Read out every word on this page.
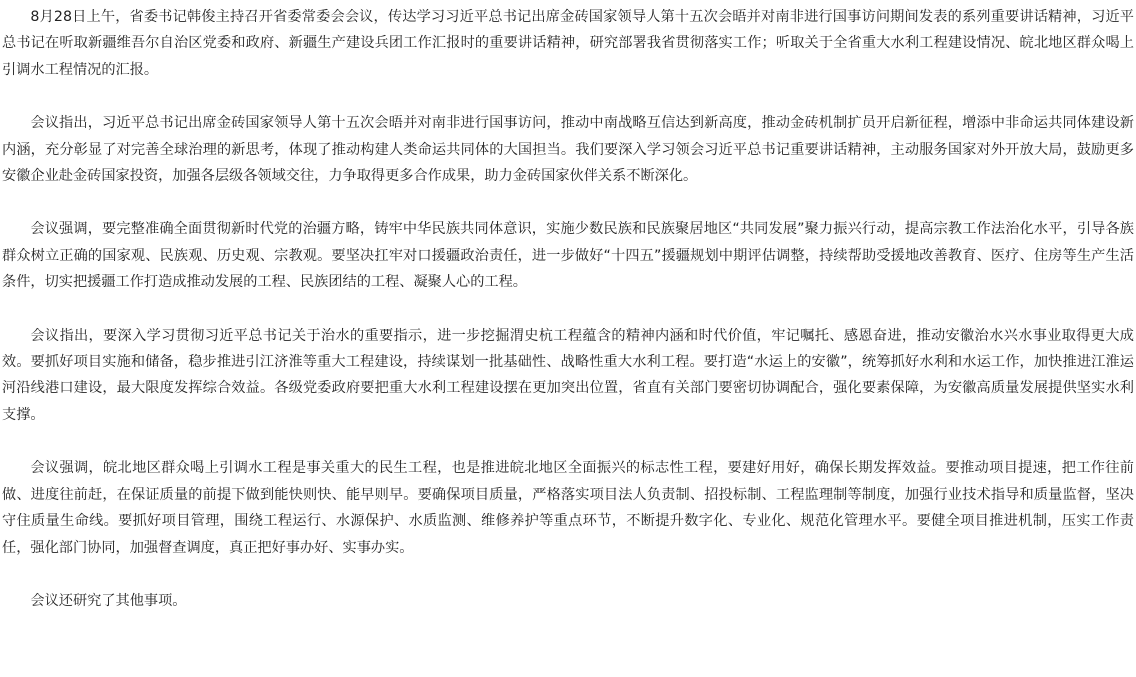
8月28日上午，省委书记韩俊主持召开省委常委会会议，传达学习习近平总书记出席金砖国家领导人第十五次会晤并对南非进行国事访问期间发表的系列重要讲话精神，习近平总书记在听取新疆维吾尔自治区党委和政府、新疆生产建设兵团工作汇报时的重要讲话精神，研究部署我省贯彻落实工作；听取关于全省重大水利工程建设情况、皖北地区群众喝上引调水工程情况的汇报。

会议指出，习近平总书记出席金砖国家领导人第十五次会晤并对南非进行国事访问，推动中南战略互信达到新高度，推动金砖机制扩员开启新征程，增添中非命运共同体建设新内涵，充分彰显了对完善全球治理的新思考，体现了推动构建人类命运共同体的大国担当。我们要深入学习领会习近平总书记重要讲话精神，主动服务国家对外开放大局，鼓励更多安徽企业赴金砖国家投资，加强各层级各领域交往，力争取得更多合作成果，助力金砖国家伙伴关系不断深化。

会议强调，要完整准确全面贯彻新时代党的治疆方略，铸牢中华民族共同体意识，实施少数民族和民族聚居地区“共同发展”聚力振兴行动，提高宗教工作法治化水平，引导各族群众树立正确的国家观、民族观、历史观、宗教观。要坚决扛牢对口援疆政治责任，进一步做好“十四五”援疆规划中期评估调整，持续帮助受援地改善教育、医疗、住房等生产生活条件，切实把援疆工作打造成推动发展的工程、民族团结的工程、凝聚人心的工程。

会议指出，要深入学习贯彻习近平总书记关于治水的重要指示，进一步挖掘渭史杭工程蕴含的精神内涵和时代价值，牢记嘱托、感恩奋进，推动安徽治水兴水事业取得更大成效。要抓好项目实施和储备，稳步推进引江济淮等重大工程建设，持续谋划一批基础性、战略性重大水利工程。要打造“水运上的安徽”，统筹抓好水利和水运工作，加快推进江淮运河沿线港口建设，最大限度发挥综合效益。各级党委政府要把重大水利工程建设摆在更加突出位置，省直有关部门要密切协调配合，强化要素保障，为安徽高质量发展提供坚实水利支撑。

会议强调，皖北地区群众喝上引调水工程是事关重大的民生工程，也是推进皖北地区全面振兴的标志性工程，要建好用好，确保长期发挥效益。要推动项目提速，把工作往前做、进度往前赶，在保证质量的前提下做到能快则快、能早则早。要确保项目质量，严格落实项目法人负责制、招投标制、工程监理制等制度，加强行业技术指导和质量监督，坚决守住质量生命线。要抓好项目管理，围绕工程运行、水源保护、水质监测、维修养护等重点环节，不断提升数字化、专业化、规范化管理水平。要健全项目推进机制，压实工作责任，强化部门协同，加强督查调度，真正把好事办好、实事办实。

会议还研究了其他事项。
